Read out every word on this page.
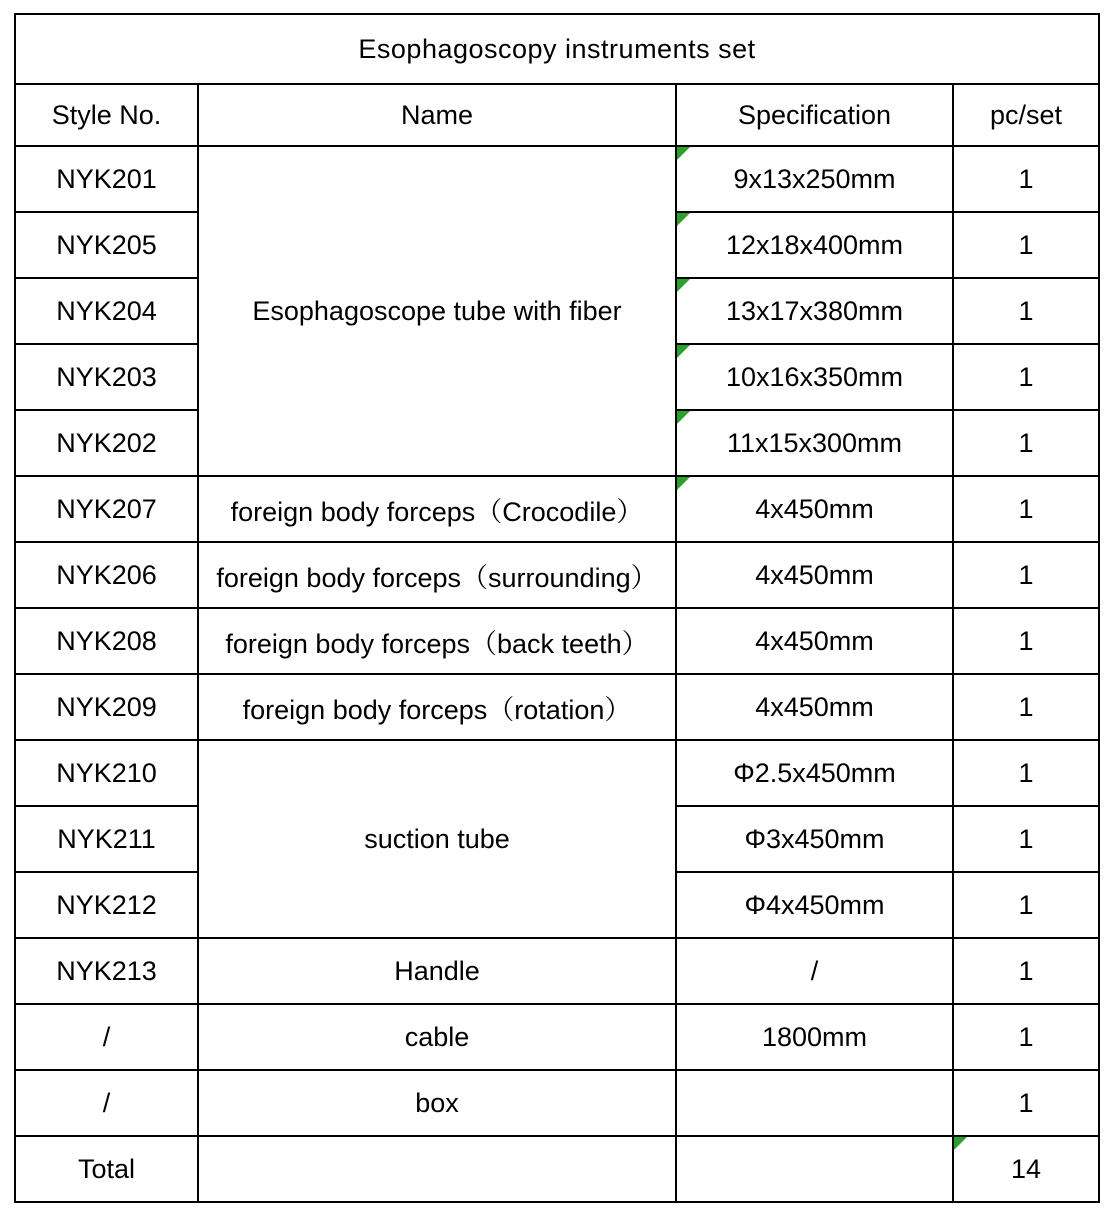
Esophagoscopy instruments set			
Style No.	Name	Specification	pc/set
NYK201	Esophagoscope tube with fiber	9x13x250mm	1
NYK205		12x18x400mm	1
NYK204		13x17x380mm	1
NYK203		10x16x350mm	1
NYK202		11x15x300mm	1
NYK207	foreign body forceps（Crocodile）	4x450mm	1
NYK206	foreign body forceps（surrounding）	4x450mm	1
NYK208	foreign body forceps（back teeth）	4x450mm	1
NYK209	foreign body forceps（rotation）	4x450mm	1
NYK210	suction tube	Φ2.5x450mm	1
NYK211		Φ3x450mm	1
NYK212		Φ4x450mm	1
NYK213	Handle	/	1
/	cable	1800mm	1
/	box		1
Total			14
